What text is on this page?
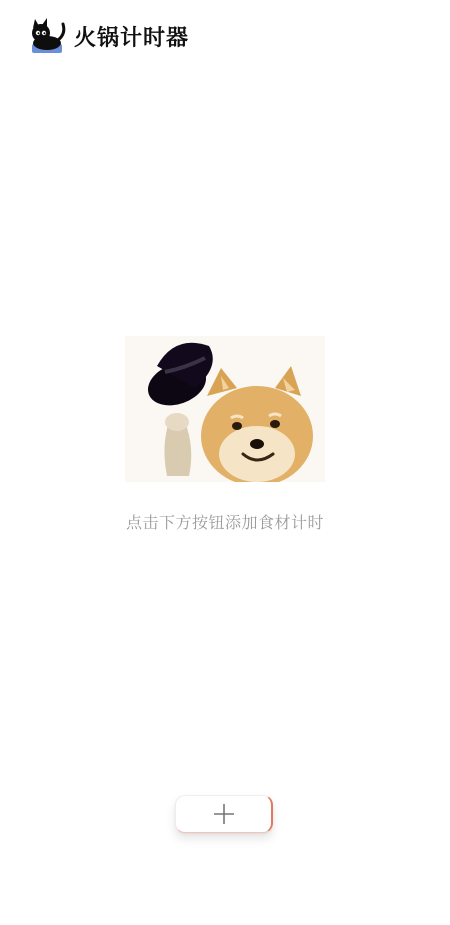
火锅计时器
点击下方按钮添加食材计时
